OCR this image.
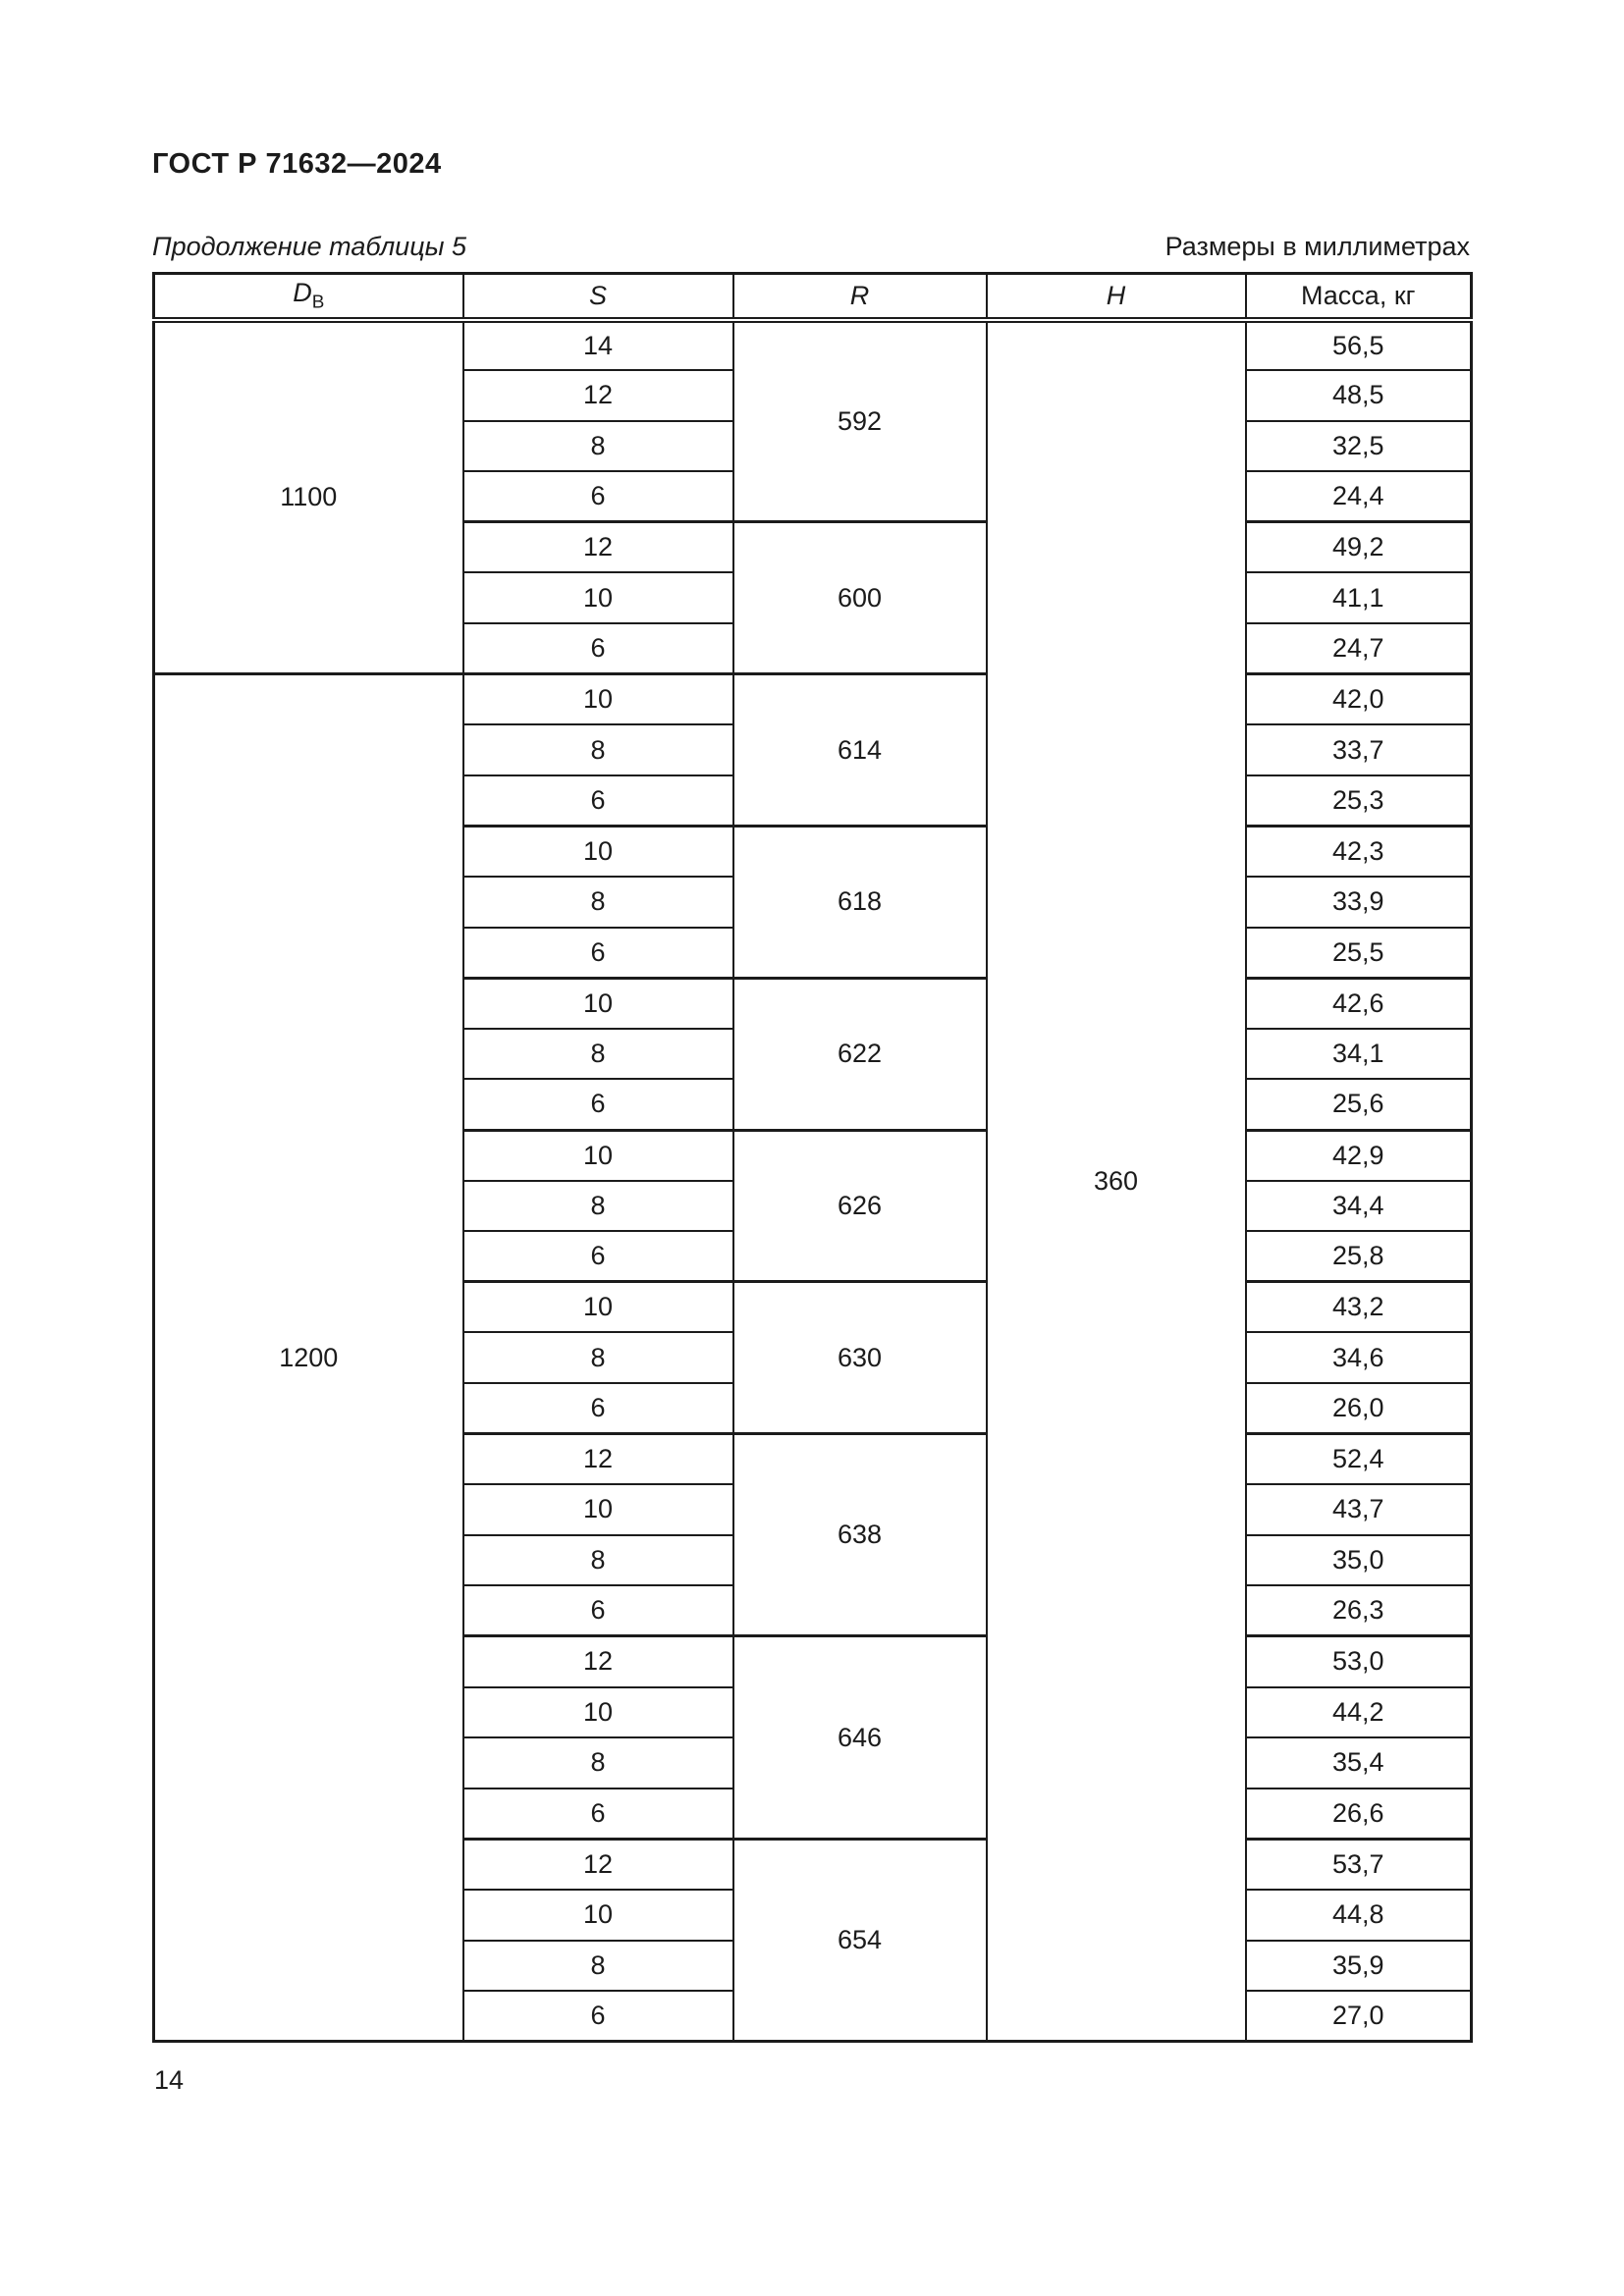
ГОСТ Р 71632—2024
Продолжение таблицы 5	Размеры в миллиметрах
$D_В$	S	R	H	Масса, кг
1100	14	592	360	56,5
	12			48,5
	8			32,5
	6			24,4
	12	600		49,2
	10			41,1
	6			24,7
1200	10	614		42,0
	8			33,7
	6			25,3
	10	618		42,3
	8			33,9
	6			25,5
	10	622		42,6
	8			34,1
	6			25,6
	10	626		42,9
	8			34,4
	6			25,8
	10	630		43,2
	8			34,6
	6			26,0
	12	638		52,4
	10			43,7
	8			35,0
	6			26,3
	12	646		53,0
	10			44,2
	8			35,4
	6			26,6
	12	654		53,7
	10			44,8
	8			35,9
	6			27,0
14
